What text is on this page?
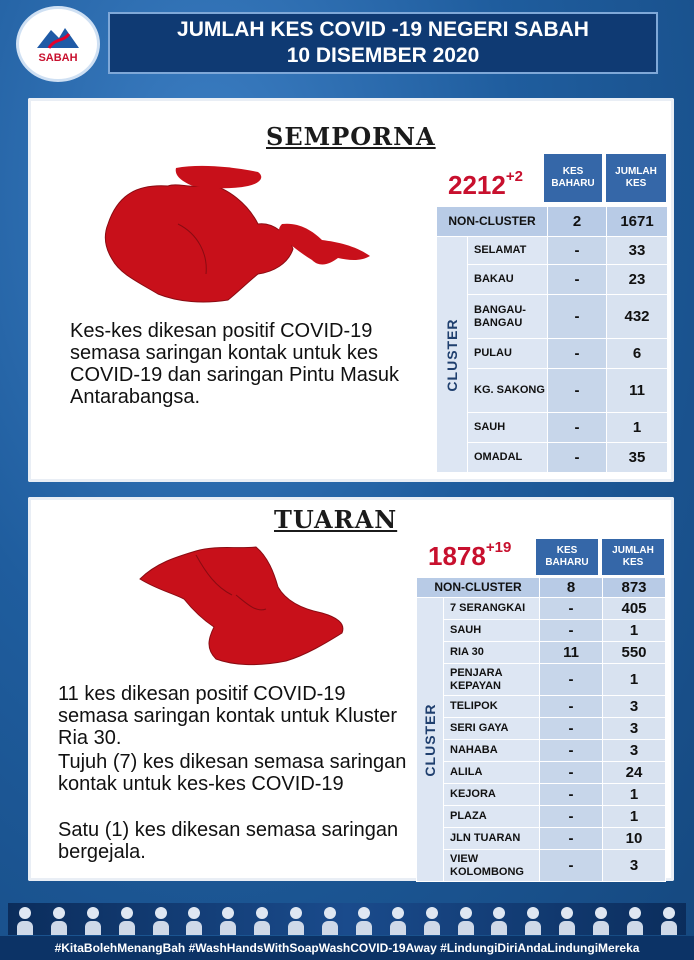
SABAH
JUMLAH KES COVID -19 NEGERI SABAH
10 DISEMBER 2020
SEMPORNA
Kes-kes dikesan positif COVID-19 semasa saringan kontak untuk kes COVID-19 dan saringan Pintu Masuk Antarabangsa.
$2212^{+2}$	KES BAHARU
JUMLAH KES
NON-CLUSTER		2	1671

CLUSTER	SELAMAT	-	33
	BAKAU	-	23
	BANGAU-BANGAU	-	432
	PULAU	-	6
	KG. SAKONG	-	11
	SAUH	-	1
	OMADAL	-	35
TUARAN
11 kes dikesan positif COVID-19 semasa saringan kontak untuk Kluster Ria 30.
Tujuh (7) kes dikesan semasa saringan kontak untuk kes-kes COVID-19
Satu (1) kes dikesan semasa saringan bergejala.
$1878^{+19}$	KES BAHARU
JUMLAH KES
NON-CLUSTER		8	873

CLUSTER	7 SERANGKAI	-	405
	SAUH	-	1
	RIA 30	11	550
	PENJARA KEPAYAN	-	1
	TELIPOK	-	3
	SERI GAYA	-	3
	NAHABA	-	3
	ALILA	-	24
	KEJORA	-	1
	PLAZA	-	1
	JLN TUARAN	-	10
	VIEW KOLOMBONG	-	3
#KitaBolehMenangBah #WashHandsWithSoapWashCOVID-19Away #LindungiDiriAndaLindungiMereka
